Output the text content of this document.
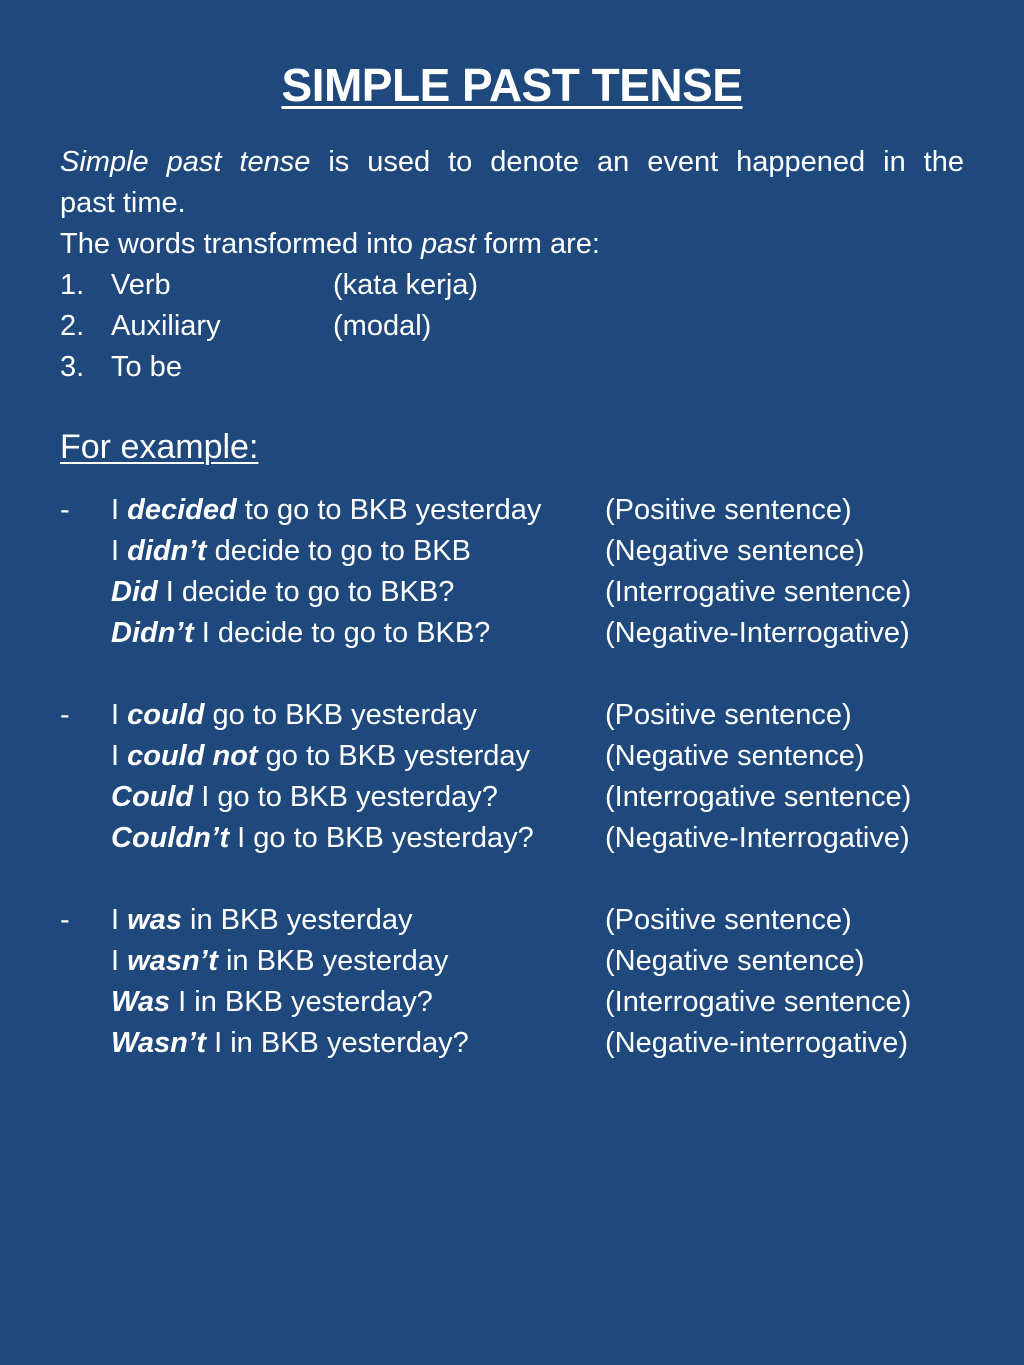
SIMPLE PAST TENSE

Simple past tense is used to denote an event happened in the
past time.

The words transformed into past form are:

1. Verb	(kata kerja)
2. Auxiliary	(modal)
3. To be
For example:
-	I decided to go to BKB yesterday	(Positive sentence)
I didn’t decide to go to BKB	(Negative sentence)
Did I decide to go to BKB?	(Interrogative sentence)
Didn’t I decide to go to BKB?	(Negative-Interrogative)
-	I could go to BKB yesterday	(Positive sentence)
I could not go to BKB yesterday	(Negative sentence)
Could I go to BKB yesterday?	(Interrogative sentence)
Couldn’t I go to BKB yesterday?	(Negative-Interrogative)
-	I was in BKB yesterday	(Positive sentence)
I wasn’t in BKB yesterday	(Negative sentence)
Was I in BKB yesterday?	(Interrogative sentence)
Wasn’t I in BKB yesterday?	(Negative-interrogative)
